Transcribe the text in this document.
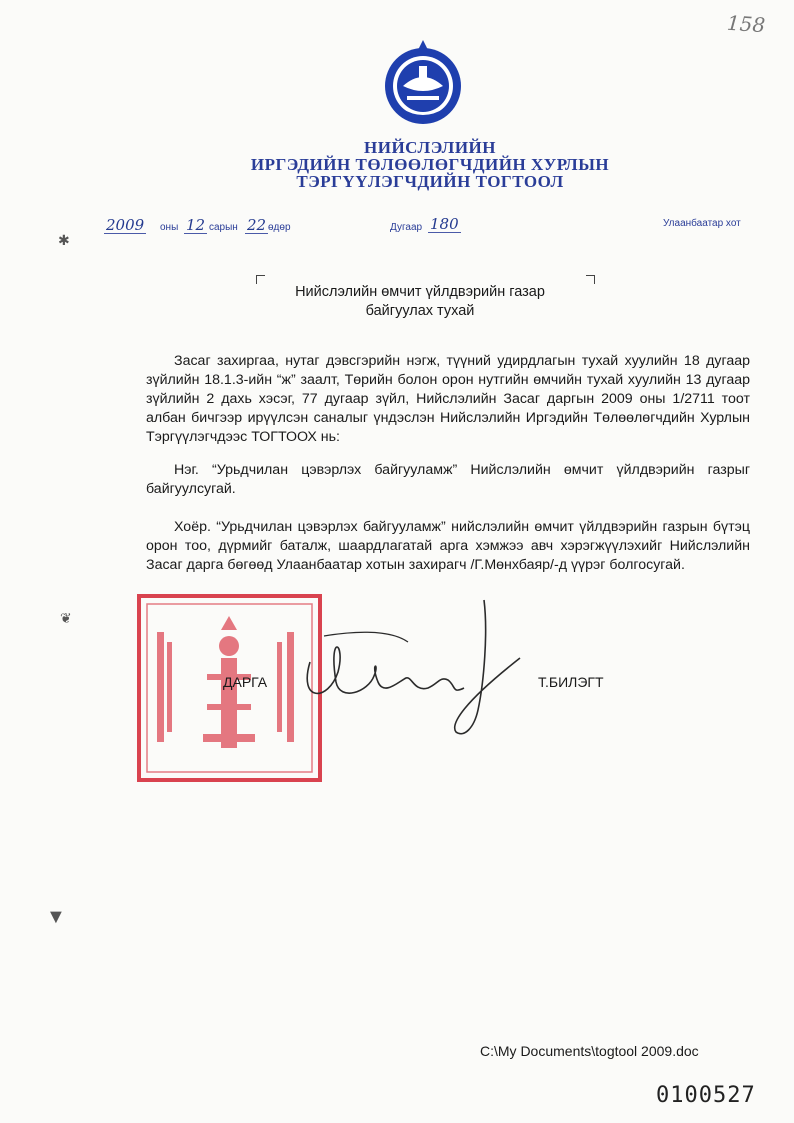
158
НИЙСЛЭЛИЙН
ИРГЭДИЙН ТӨЛӨӨЛӨГЧДИЙН ХУРЛЫН
ТЭРГҮҮЛЭГЧДИЙН ТОГТООЛ
2009 оны 12 сарын 22 өдөр	Дугаар 180	Улаанбаатар хот
✱
Нийслэлийн өмчит үйлдвэрийн газар
байгуулах тухай
Засаг захиргаа, нутаг дэвсгэрийн нэгж, түүний удирдлагын тухай хуулийн 18 дугаар зүйлийн 18.1.3-ийн “ж” заалт, Төрийн болон орон нутгийн өмчийн тухай хуулийн 13 дугаар зүйлийн 2 дахь хэсэг, 77 дугаар зүйл, Нийслэлийн Засаг даргын 2009 оны 1/2711 тоот албан бичгээр ирүүлсэн саналыг үндэслэн Нийслэлийн Иргэдийн Төлөөлөгчдийн Хурлын Тэргүүлэгчдээс ТОГТООХ нь:
Нэг. “Урьдчилан цэвэрлэх байгууламж” Нийслэлийн өмчит үйлдвэрийн газрыг байгуулсугай.
Хоёр. “Урьдчилан цэвэрлэх байгууламж” нийслэлийн өмчит үйлдвэрийн газрын бүтэц орон тоо, дүрмийг баталж, шаардлагатай арга хэмжээ авч хэрэгжүүлэхийг Нийслэлийн Засаг дарга бөгөөд Улаанбаатар хотын захирагч /Г.Мөнхбаяр/-д үүрэг болгосугай.
❦
▼
ДАРГА	Т.БИЛЭГТ
C:\My Documents\togtool 2009.doc
0100527
